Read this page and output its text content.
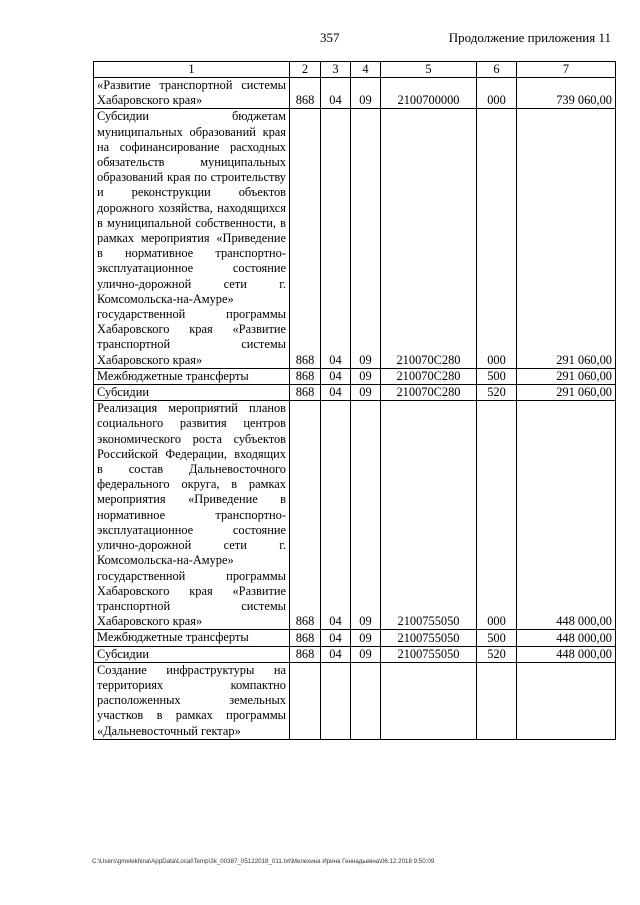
357	Продолжение приложения 11
1	2	3	4	5	6	7
«Развитие транспортной системы Хабаровского края»	868	04	09	2100700000	000	739 060,00
Субсидии бюджетам муниципальных образований края на софинансирование расходных обязательств муниципальных образований края по строительству и реконструкции объектов дорожного хозяйства, находящихся в муниципальной собственности, в рамках мероприятия «Приведение в нормативное транспортно-эксплуатационное состояние улично-дорожной сети г. Комсомольска-на-Амуре» государственной программы Хабаровского края «Развитие транспортной системы Хабаровского края»	868	04	09	210070С280	000	291 060,00
Межбюджетные трансферты	868	04	09	210070С280	500	291 060,00
Субсидии	868	04	09	210070С280	520	291 060,00
Реализация мероприятий планов социального развития центров экономического роста субъектов Российской Федерации, входящих в состав Дальневосточного федерального округа, в рамках мероприятия «Приведение в нормативное транспортно-эксплуатационное состояние улично-дорожной сети г. Комсомольска-на-Амуре» государственной программы Хабаровского края «Развитие транспортной системы Хабаровского края»	868	04	09	2100755050	000	448 000,00
Межбюджетные трансферты	868	04	09	2100755050	500	448 000,00
Субсидии	868	04	09	2100755050	520	448 000,00
Создание инфраструктуры на территориях компактно расположенных земельных участков в рамках программы «Дальневосточный гектар»						
C:\Users\gmelekhina\AppData\Local\Temp\3k_00387_05122018_011.txt\Мелехина Ирина Геннадьевна\06.12.2018 9:50:09
